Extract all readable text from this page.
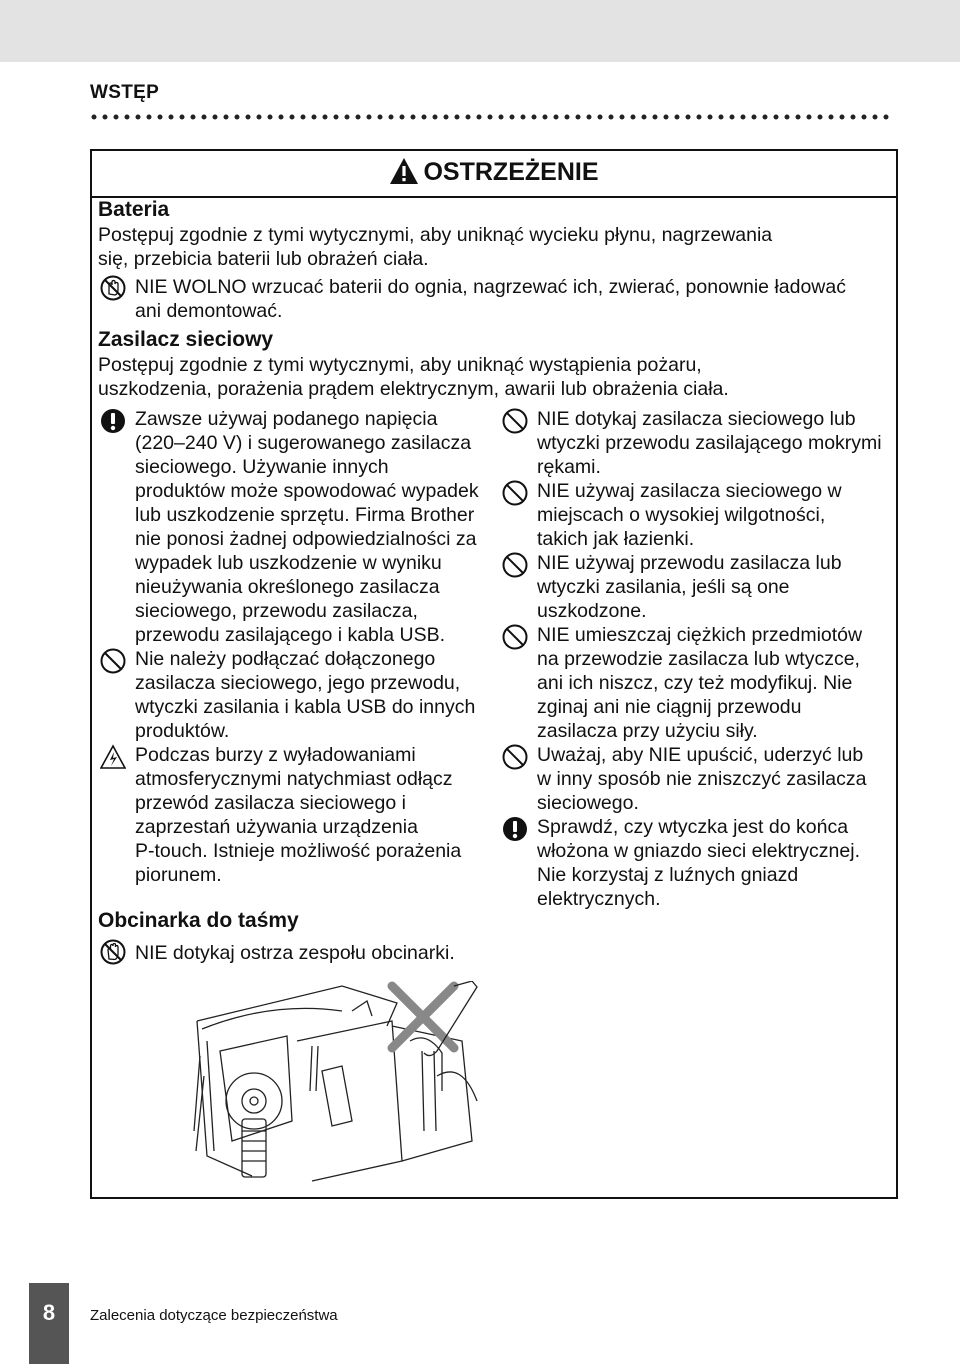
WSTĘP
OSTRZEŻENIE
Bateria
Postępuj zgodnie z tymi wytycznymi, aby uniknąć wycieku płynu, nagrzewania
się, przebicia baterii lub obrażeń ciała.
NIE WOLNO wrzucać baterii do ognia, nagrzewać ich, zwierać, ponownie ładować
ani demontować.
Zasilacz sieciowy
Postępuj zgodnie z tymi wytycznymi, aby uniknąć wystąpienia pożaru,
uszkodzenia, porażenia prądem elektrycznym, awarii lub obrażenia ciała.
Zawsze używaj podanego napięcia
(220–240 V) i sugerowanego zasilacza
sieciowego. Używanie innych
produktów może spowodować wypadek
lub uszkodzenie sprzętu. Firma Brother
nie ponosi żadnej odpowiedzialności za
wypadek lub uszkodzenie w wyniku
nieużywania określonego zasilacza
sieciowego, przewodu zasilacza,
przewodu zasilającego i kabla USB.
Nie należy podłączać dołączonego
zasilacza sieciowego, jego przewodu,
wtyczki zasilania i kabla USB do innych
produktów.
Podczas burzy z wyładowaniami
atmosferycznymi natychmiast odłącz
przewód zasilacza sieciowego i
zaprzestań używania urządzenia
P-touch. Istnieje możliwość porażenia
piorunem.
NIE dotykaj zasilacza sieciowego lub
wtyczki przewodu zasilającego mokrymi
rękami.
NIE używaj zasilacza sieciowego w
miejscach o wysokiej wilgotności,
takich jak łazienki.
NIE używaj przewodu zasilacza lub
wtyczki zasilania, jeśli są one
uszkodzone.
NIE umieszczaj ciężkich przedmiotów
na przewodzie zasilacza lub wtyczce,
ani ich niszcz, czy też modyfikuj. Nie
zginaj ani nie ciągnij przewodu
zasilacza przy użyciu siły.
Uważaj, aby NIE upuścić, uderzyć lub
w inny sposób nie zniszczyć zasilacza
sieciowego.
Sprawdź, czy wtyczka jest do końca
włożona w gniazdo sieci elektrycznej.
Nie korzystaj z luźnych gniazd
elektrycznych.
Obcinarka do taśmy
NIE dotykaj ostrza zespołu obcinarki.
8	Zalecenia dotyczące bezpieczeństwa
